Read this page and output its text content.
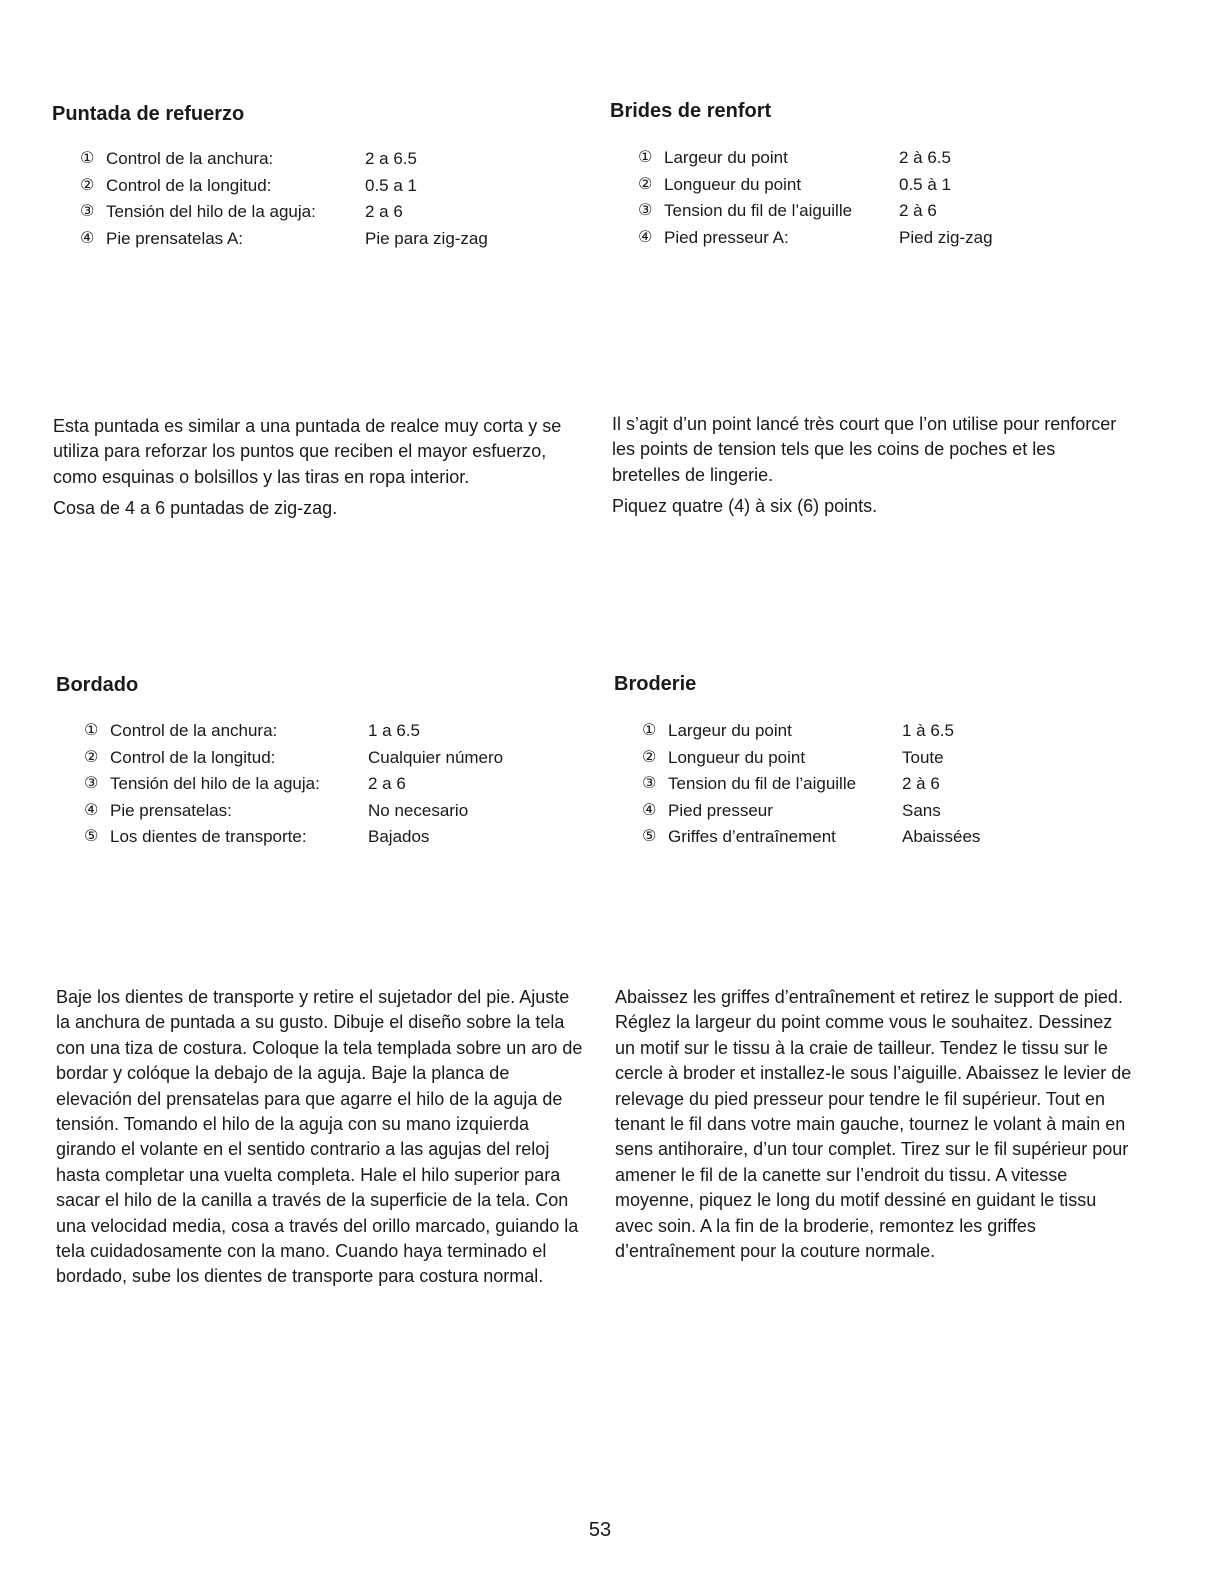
Puntada de refuerzo
① Control de la anchura:	2 a 6.5
② Control de la longitud:	0.5 a 1
③ Tensión del hilo de la aguja:	2 a 6
④ Pie prensatelas A:	Pie para zig-zag
Brides de renfort
① Largeur du point	2 à 6.5
② Longueur du point	0.5 à 1
③ Tension du fil de l’aiguille	2 à 6
④ Pied presseur A:	Pied zig-zag

Esta puntada es similar a una puntada de realce muy corta y se utiliza para reforzar los puntos que reciben el mayor esfuerzo, como esquinas o bolsillos y las tiras en ropa interior.

Cosa de 4 a 6 puntadas de zig-zag.

Il s’agit d’un point lancé très court que l’on utilise pour renforcer les points de tension tels que les coins de poches et les bretelles de lingerie.

Piquez quatre (4) à six (6) points.

Bordado
① Control de la anchura:	1 a 6.5
② Control de la longitud:	Cualquier número
③ Tensión del hilo de la aguja:	2 a 6
④ Pie prensatelas:	No necesario
⑤ Los dientes de transporte:	Bajados
Broderie
① Largeur du point	1 à 6.5
② Longueur du point	Toute
③ Tension du fil de l’aiguille	2 à 6
④ Pied presseur	Sans
⑤ Griffes d’entraînement	Abaissées

Baje los dientes de transporte y retire el sujetador del pie. Ajuste la anchura de puntada a su gusto. Dibuje el diseño sobre la tela con una tiza de costura. Coloque la tela templada sobre un aro de bordar y colóque la debajo de la aguja. Baje la planca de elevación del prensatelas para que agarre el hilo de la aguja de tensión. Tomando el hilo de la aguja con su mano izquierda girando el volante en el sentido contrario a las agujas del reloj hasta completar una vuelta completa. Hale el hilo superior para sacar el hilo de la canilla a través de la superficie de la tela. Con una velocidad media, cosa a través del orillo marcado, guiando la tela cuidadosamente con la mano. Cuando haya terminado el bordado, sube los dientes de transporte para costura normal.

Abaissez les griffes d’entraînement et retirez le support de pied. Réglez la largeur du point comme vous le souhaitez. Dessinez un motif sur le tissu à la craie de tailleur. Tendez le tissu sur le cercle à broder et installez-le sous l’aiguille. Abaissez le levier de relevage du pied presseur pour tendre le fil supérieur. Tout en tenant le fil dans votre main gauche, tournez le volant à main en sens antihoraire, d’un tour complet. Tirez sur le fil supérieur pour amener le fil de la canette sur l’endroit du tissu. A vitesse moyenne, piquez le long du motif dessiné en guidant le tissu avec soin. A la fin de la broderie, remontez les griffes d’entraînement pour la couture normale.

53
